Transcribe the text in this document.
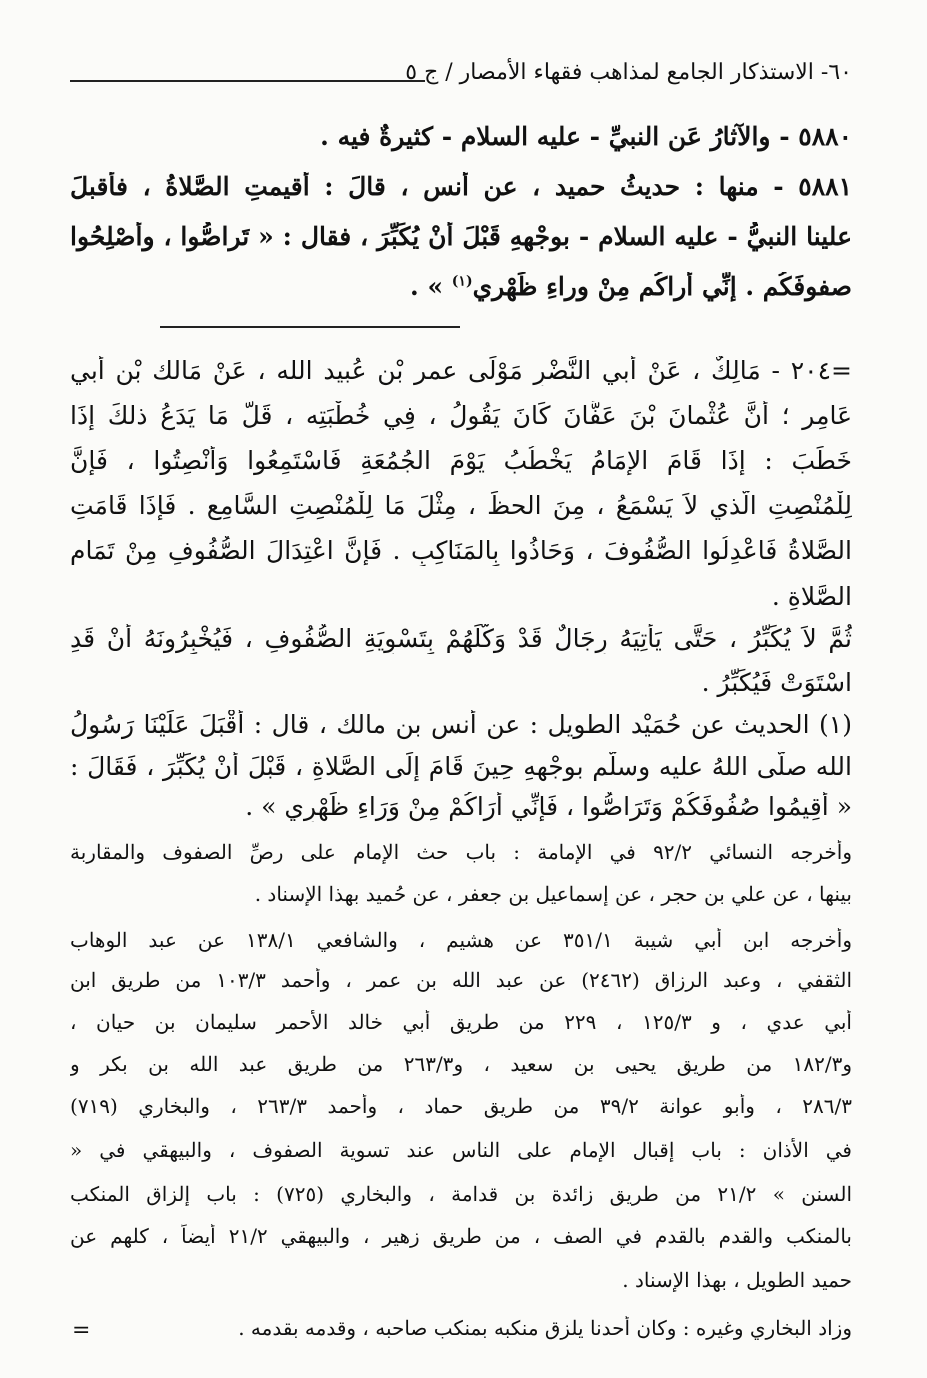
٦٠- الاستذكار الجامع لمذاهب فقهاء الأمصار / ج ٥
٥٨٨٠ - والآثارُ عَنِ النبيِّ - عليه السلام - كثيرةٌ فيه .
٥٨٨١ - منها : حديثُ حميد ، عن أنس ، قالَ : أقيمتِ الصَّلاةُ ، فأقبلَ
علينا النبيُّ - عليه السلام - بوجْهِهِ قَبْلَ أنْ يُكَبِّرَ ، فقال : « تَراصُّوا ، وأَصْلِحُوا
صفوفَكُم . إنِّي أراكُم مِنْ وراءِ ظَهْري$^{(١)}$ » .
=٢٠٤ - مَالِكٌ ، عَنْ أبي النَّضْرِ مَوْلَى عمر بْنِ عُبيد الله ، عَنْ مَالك بْنِ أبي
عَامِر ؛ أَنَّ عُثْمانَ بْنَ عَفَّانَ كَانَ يَقُولُ ، فِي خُطْبَتِه ، قَلَّ مَا يَدَعُ ذلكَ إذَا
خَطَبَ : إذَا قَامَ الإمَامُ يَخْطُبُ يَوْمَ الجُمُعَةِ فَاسْتَمِعُوا وَأَنْصِتُوا ، فَإِنَّ
لِلْمُنْصِتِ الَّذي لاَ يَسْمَعُ ، مِنَ الحظِّ ، مِثْلَ مَا لِلْمُنْصِتِ السَّامِعِ . فَإذَا قَامَتِ
الصَّلاةُ فَاعْدِلُوا الصُّفُوفَ ، وَحَاذُوا بِالمَنَاكِبِ . فَإِنَّ اعْتِدَالَ الصُّفُوفِ مِنْ تَمَامِ
الصَّلاةِ .
ثُمَّ لاَ يُكَبِّرُ ، حَتَّى يَأْتِيَهُ رِجَالٌ قَدْ وَكَّلَهُمْ بِتَسْوِيَةِ الصُّفُوفِ ، فَيُخْبِرُونَهُ أَنْ قَدِ
اسْتَوَتْ فَيُكَبِّرُ .
(١) الحديث عن حُمَيْد الطويل : عن أنس بن مالك ، قال : أَقْبَلَ عَلَيْنَا رَسُولُ
الله صلَّى اللهُ عليه وسلَّم بوجْهِهِ حِينَ قَامَ إِلَى الصَّلاةِ ، قَبْلَ أنْ يُكَبِّرَ ، فَقَالَ :
« أَقِيمُوا صُفُوفَكُمْ وَتَرَاصُّوا ، فَإِنِّي أَرَاكُمْ مِنْ وَرَاءِ ظَهْرِي » .
وأخرجه النسائي ٩٢/٢ في الإمامة : باب حث الإمام على رصِّ الصفوف والمقاربة
بينها ، عن علي بن حجر ، عن إسماعيل بن جعفر ، عن حُميد بهذا الإسناد .
وأخرجه ابن أبي شيبة ٣٥١/١ عن هشيم ، والشافعي ١٣٨/١ عن عبد الوهاب
الثقفي ، وعبد الرزاق (٢٤٦٢) عن عبد الله بن عمر ، وأحمد ١٠٣/٣ من طريق ابن
أبي عدي ، و ١٢٥/٣ ، ٢٢٩ من طريق أبي خالد الأحمر سليمان بن حيان ،
و١٨٢/٣ من طريق يحيى بن سعيد ، و٢٦٣/٣ من طريق عبد الله بن بكر و
٢٨٦/٣ ، وأبو عوانة ٣٩/٢ من طريق حماد ، وأحمد ٢٦٣/٣ ، والبخاري (٧١٩)
في الأذان : باب إقبال الإمام على الناس عند تسوية الصفوف ، والبيهقي في «
السنن » ٢١/٢ من طريق زائدة بن قدامة ، والبخاري (٧٢٥) : باب إلزاق المنكب
بالمنكب والقدم بالقدم في الصف ، من طريق زهير ، والبيهقي ٢١/٢ أيضاً ، كلهم عن
حميد الطويل ، بهذا الإسناد .
وزاد البخاري وغيره : وكان أحدنا يلزق منكبه بمنكب صاحبه ، وقدمه بقدمه .
=
